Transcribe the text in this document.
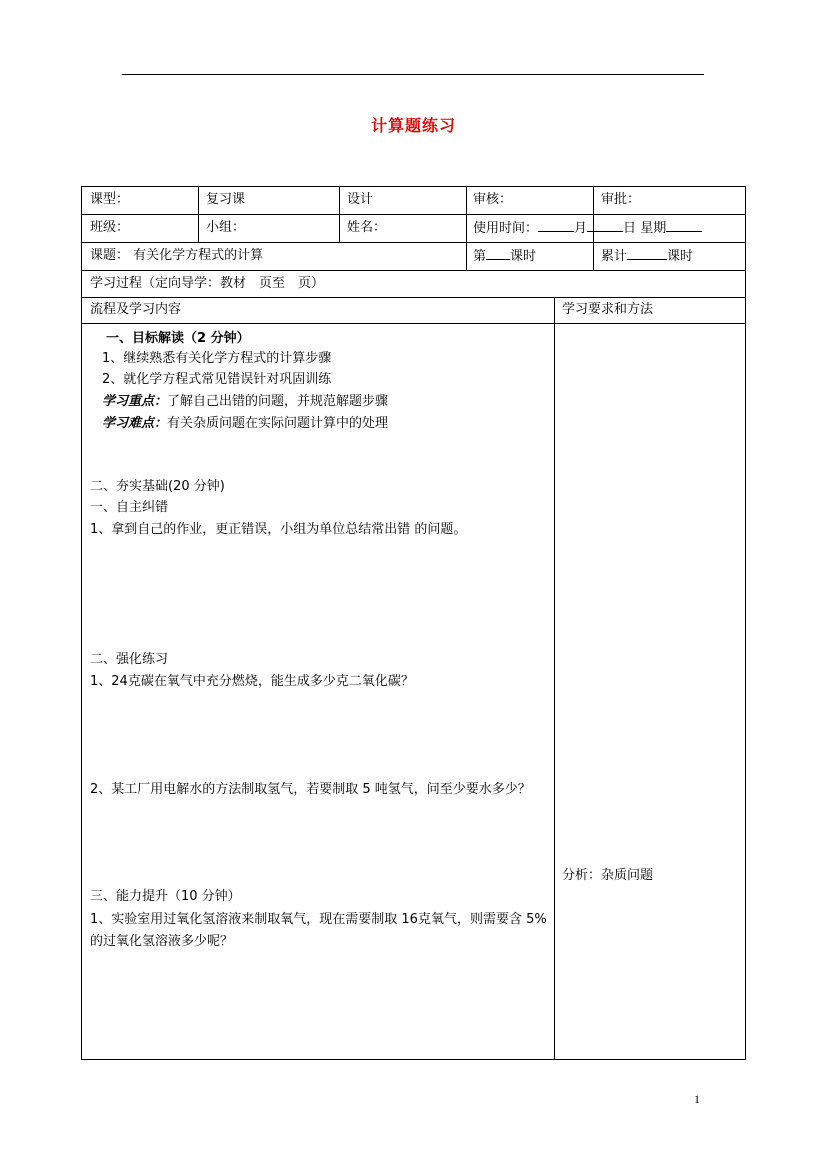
计算题练习
课型：	复习课	设计	审核：	审批：
班级：	小组：	姓名：	使用时间：	月	日 星期
课题： 有关化学方程式的计算	第 课时	累计	课时
学习过程（定向导学：教材　页至　页）
流程及学习内容	学习要求和方法
一、目标解读（2 分钟）
1、继续熟悉有关化学方程式的计算步骤
2、就化学方程式常见错误针对巩固训练
学习重点：了解自己出错的问题，并规范解题步骤
学习难点：有关杂质问题在实际问题计算中的处理
二、夯实基础(20 分钟)
一、自主纠错
1、拿到自己的作业，更正错误，小组为单位总结常出错 的问题。
二、强化练习
1、24克碳在氧气中充分燃烧，能生成多少克二氧化碳？
2、某工厂用电解水的方法制取氢气，若要制取 5 吨氢气，问至少要水多少？
三、能力提升（10 分钟）
1、实验室用过氧化氢溶液来制取氧气，现在需要制取 16克氧气，则需要含 5%的过氧化氢溶液多少呢？
分析：杂质问题
1
